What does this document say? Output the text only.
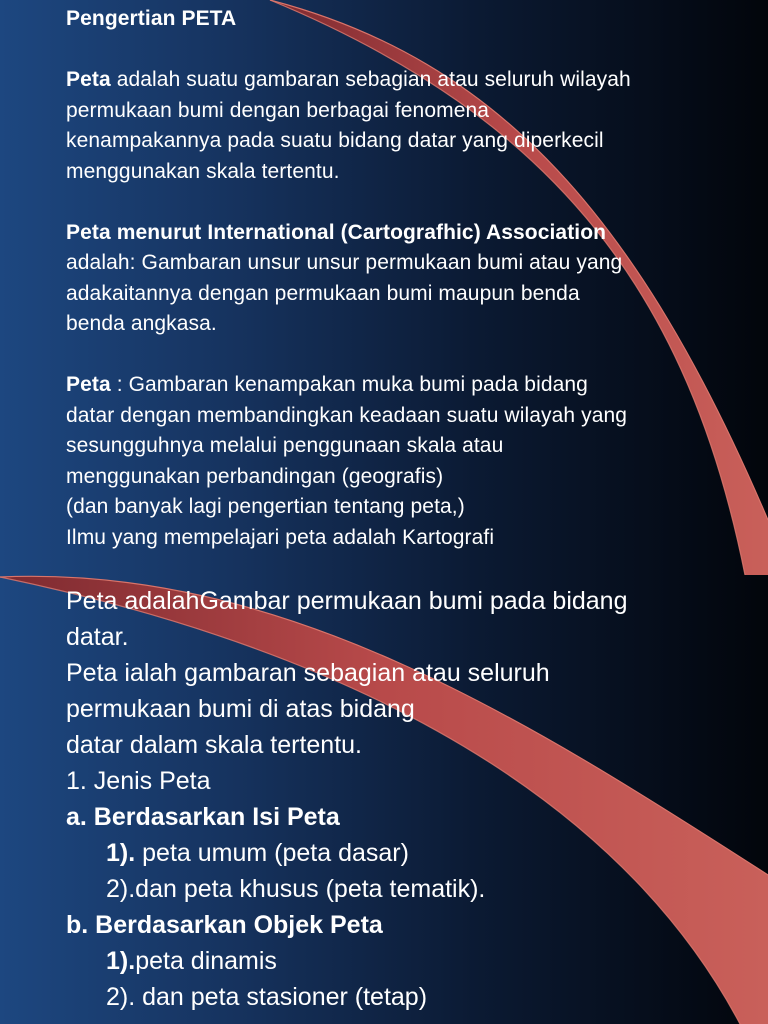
Pengertian PETA
Peta adalah suatu gambaran sebagian atau seluruh wilayah
permukaan bumi dengan berbagai fenomena
kenampakannya pada suatu bidang datar yang diperkecil
menggunakan skala tertentu.
Peta menurut International (Cartografhic) Association
adalah: Gambaran unsur unsur permukaan bumi atau yang
adakaitannya dengan permukaan bumi maupun benda
benda angkasa.
Peta : Gambaran kenampakan muka bumi pada bidang
datar dengan membandingkan keadaan suatu wilayah yang
sesungguhnya melalui penggunaan skala atau
menggunakan perbandingan (geografis)
(dan banyak lagi pengertian tentang peta,)
Ilmu yang mempelajari peta adalah Kartografi
Peta adalahGambar permukaan bumi pada bidang
datar.
Peta ialah gambaran sebagian atau seluruh
permukaan bumi di atas bidang
datar dalam skala tertentu.
1. Jenis Peta
a. Berdasarkan Isi Peta
1). peta umum (peta dasar)
2).dan peta khusus (peta tematik).
b. Berdasarkan Objek Peta
1).peta dinamis
2). dan peta stasioner (tetap)
